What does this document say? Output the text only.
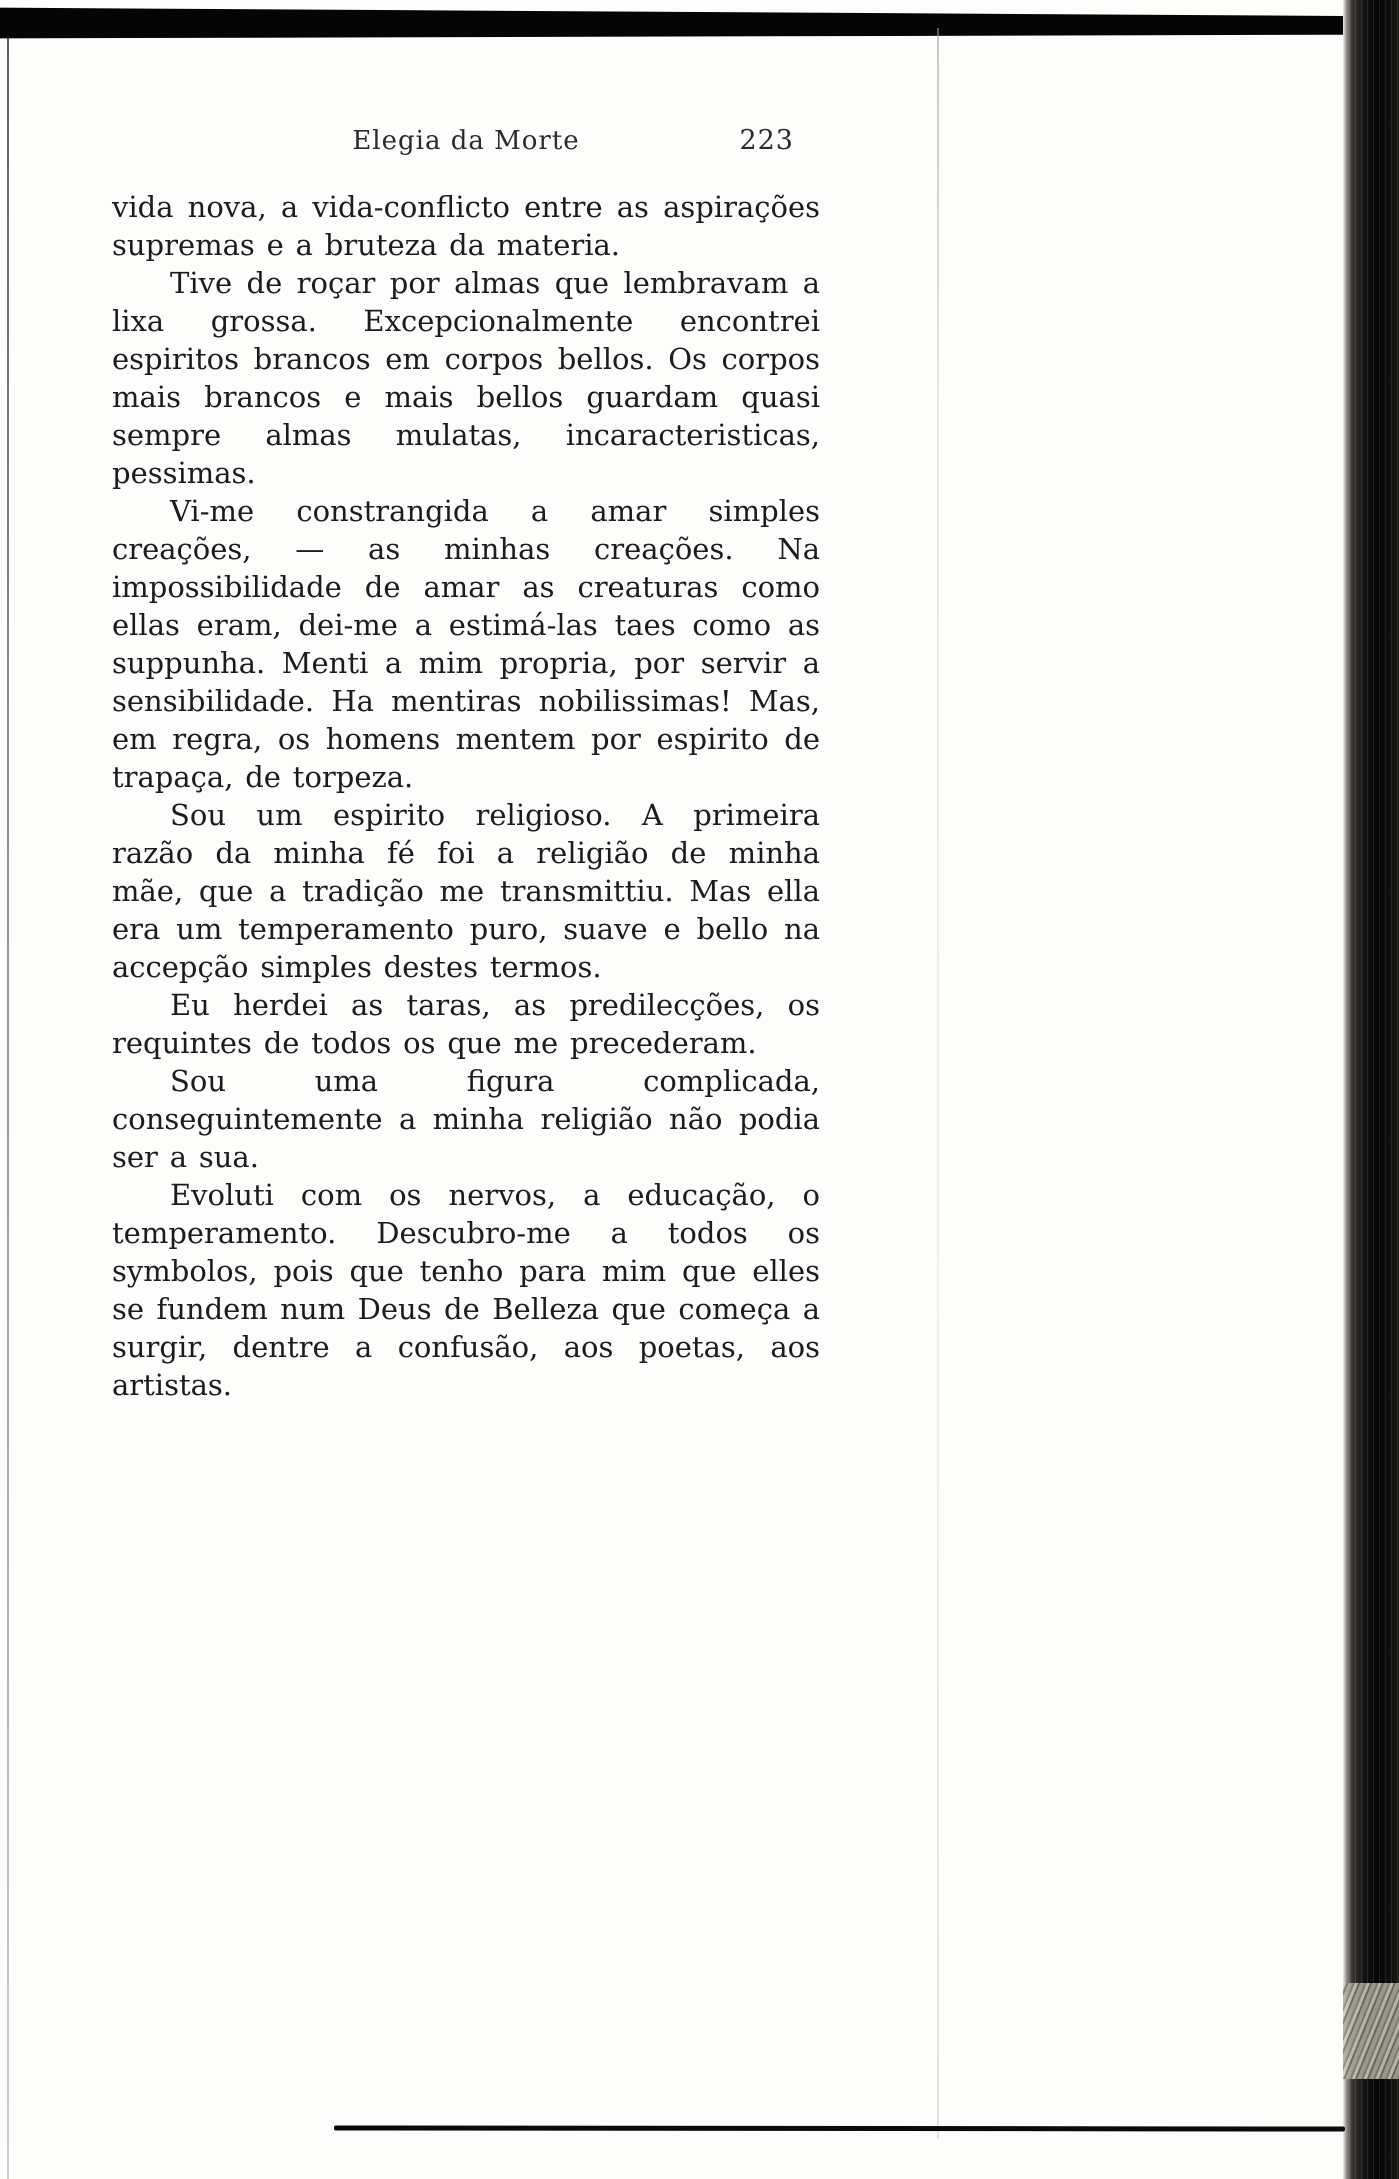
Elegia da Morte	223

vida nova, a vida-conflicto entre as aspirações supremas e a bruteza da materia.

Tive de roçar por almas que lembravam a lixa grossa. Excepcionalmente encontrei espiritos brancos em corpos bellos. Os corpos mais brancos e mais bellos guardam quasi sempre almas mulatas, incaracteristicas, pessimas.

Vi-me constrangida a amar simples creações, — as minhas creações. Na impossibilidade de amar as creaturas como ellas eram, dei-me a estimá-las taes como as suppunha. Menti a mim propria, por servir a sensibilidade. Ha mentiras nobilissimas! Mas, em regra, os homens mentem por espirito de trapaça, de torpeza.

Sou um espirito religioso. A primeira razão da minha fé foi a religião de minha mãe, que a tradição me transmittiu. Mas ella era um temperamento puro, suave e bello na accepção simples destes termos.

Eu herdei as taras, as predilecções, os requintes de todos os que me precederam.

Sou uma figura complicada, conseguintemente a minha religião não podia ser a sua.

Evoluti com os nervos, a educação, o temperamento. Descubro-me a todos os symbolos, pois que tenho para mim que elles se fundem num Deus de Belleza que começa a surgir, dentre a confusão, aos poetas, aos artistas.
